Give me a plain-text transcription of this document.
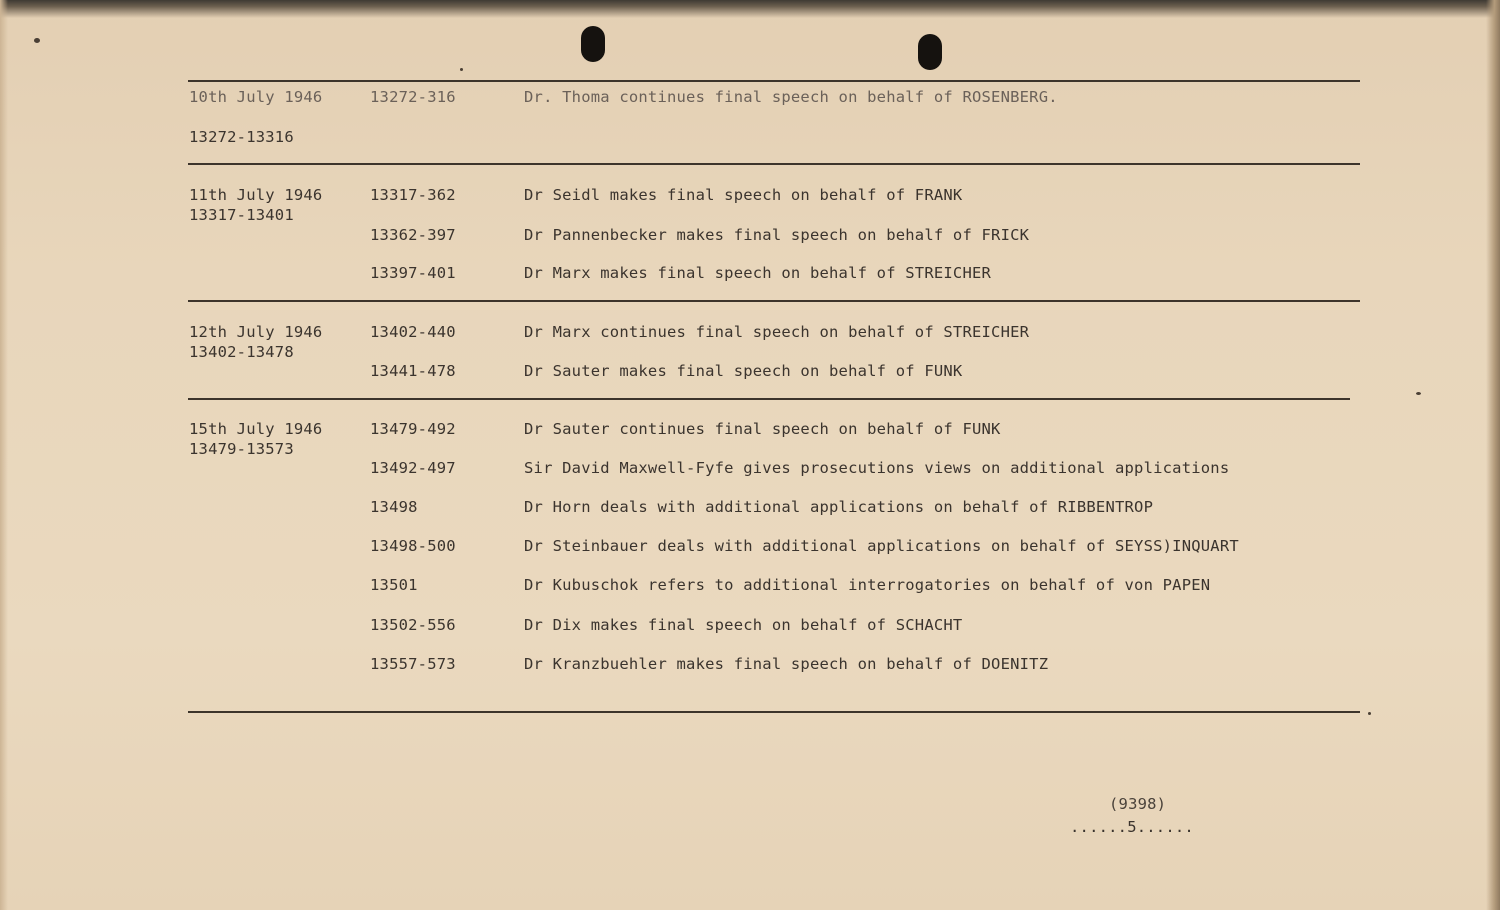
10th July 1946
13272-13316
13272-316	Dr. Thoma continues final speech on behalf of ROSENBERG.
11th July 1946
13317-13401
13317-362	Dr Seidl makes final speech on behalf of FRANK
13362-397	Dr Pannenbecker makes final speech on behalf of FRICK
13397-401	Dr Marx makes final speech on behalf of STREICHER
12th July 1946
13402-13478
13402-440	Dr Marx continues final speech on behalf of STREICHER
13441-478	Dr Sauter makes final speech on behalf of FUNK
15th July 1946
13479-13573
13479-492	Dr Sauter continues final speech on behalf of FUNK
13492-497	Sir David Maxwell-Fyfe gives prosecutions views on additional applications
13498	Dr Horn deals with additional applications on behalf of RIBBENTROP
13498-500	Dr Steinbauer deals with additional applications on behalf of SEYSS)INQUART
13501	Dr Kubuschok refers to additional interrogatories on behalf of von PAPEN
13502-556	Dr Dix makes final speech on behalf of SCHACHT
13557-573	Dr Kranzbuehler makes final speech on behalf of DOENITZ
(9398)
......5......
